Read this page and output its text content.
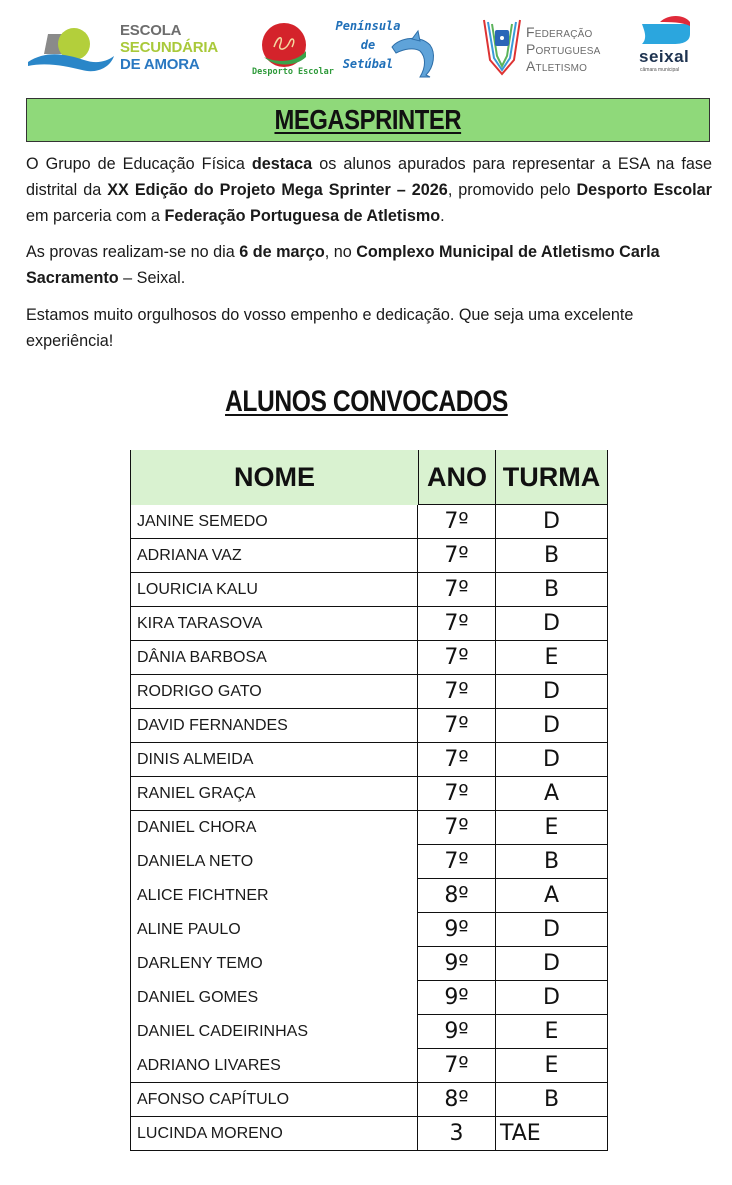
ESCOLA
SECUNDÁRIA
DE AMORA	Desporto Escolar
Península
de
Setúbal
Federação
Portuguesa
Atletismo	seixal
câmara municipal
MEGASPRINTER
O Grupo de Educação Física destaca os alunos apurados para representar a ESA na fase distrital da XX Edição do Projeto Mega Sprinter – 2026, promovido pelo Desporto Escolar em parceria com a Federação Portuguesa de Atletismo.
As provas realizam-se no dia 6 de março, no Complexo Municipal de Atletismo Carla Sacramento – Seixal.
Estamos muito orgulhosos do vosso empenho e dedicação. Que seja uma excelente experiência!
ALUNOS CONVOCADOS
NOME	ANO TURMA
JANINE SEMEDO	7º	D
ADRIANA VAZ	7º	B
LOURICIA KALU	7º	B
KIRA TARASOVA	7º	D
DÂNIA BARBOSA	7º	E
RODRIGO GATO	7º	D
DAVID FERNANDES	7º	D
DINIS ALMEIDA	7º	D
RANIEL GRAÇA	7º	A
DANIEL CHORA	7º	E
DANIELA NETO	7º	B
ALICE FICHTNER	8º	A
ALINE PAULO	9º	D
DARLENY TEMO	9º	D
DANIEL GOMES	9º	D
DANIEL CADEIRINHAS	9º	E
ADRIANO LIVARES	7º	E
AFONSO CAPÍTULO	8º	B
LUCINDA MORENO	3	TAE
